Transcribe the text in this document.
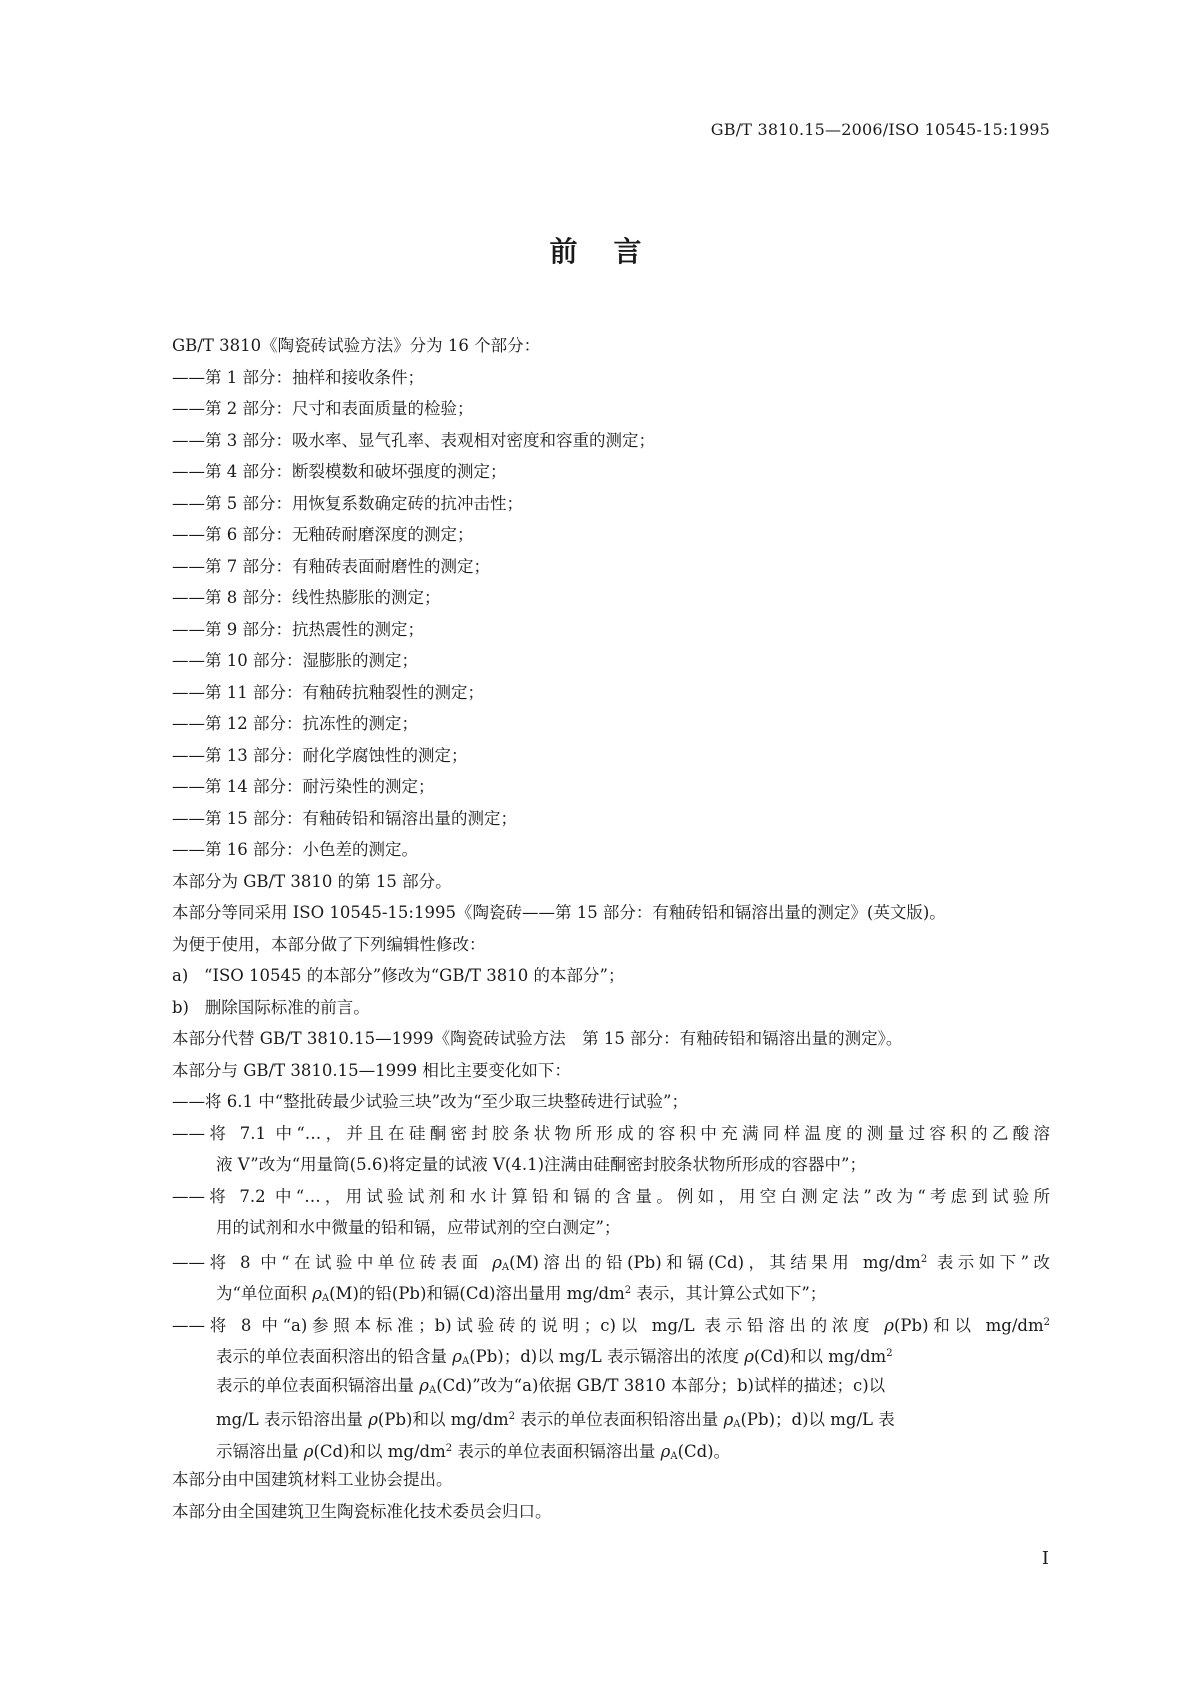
GB/T 3810.15—2006/ISO 10545-15:1995
前言
GB/T 3810《陶瓷砖试验方法》分为 16 个部分：
——第 1 部分：抽样和接收条件；
——第 2 部分：尺寸和表面质量的检验；
——第 3 部分：吸水率、显气孔率、表观相对密度和容重的测定；
——第 4 部分：断裂模数和破坏强度的测定；
——第 5 部分：用恢复系数确定砖的抗冲击性；
——第 6 部分：无釉砖耐磨深度的测定；
——第 7 部分：有釉砖表面耐磨性的测定；
——第 8 部分：线性热膨胀的测定；
——第 9 部分：抗热震性的测定；
——第 10 部分：湿膨胀的测定；
——第 11 部分：有釉砖抗釉裂性的测定；
——第 12 部分：抗冻性的测定；
——第 13 部分：耐化学腐蚀性的测定；
——第 14 部分：耐污染性的测定；
——第 15 部分：有釉砖铅和镉溶出量的测定；
——第 16 部分：小色差的测定。
本部分为 GB/T 3810 的第 15 部分。
本部分等同采用 ISO 10545-15:1995《陶瓷砖——第 15 部分：有釉砖铅和镉溶出量的测定》(英文版)。
为便于使用，本部分做了下列编辑性修改：
a) “ISO 10545 的本部分”修改为“GB/T 3810 的本部分”；
b) 删除国际标准的前言。
本部分代替 GB/T 3810.15—1999《陶瓷砖试验方法　第 15 部分：有釉砖铅和镉溶出量的测定》。
本部分与 GB/T 3810.15—1999 相比主要变化如下：
——将 6.1 中“整批砖最少试验三块”改为“至少取三块整砖进行试验”；
——将 7.1 中“…，并且在硅酮密封胶条状物所形成的容积中充满同样温度的测量过容积的乙酸溶
液 V”改为“用量筒(5.6)将定量的试液 V(4.1)注满由硅酮密封胶条状物所形成的容器中”；
——将 7.2 中“…，用试验试剂和水计算铅和镉的含量。例如，用空白测定法”改为“考虑到试验所
用的试剂和水中微量的铅和镉，应带试剂的空白测定”；
——将 8 中“在试验中单位砖表面 $\rho_A(M)$溶出的铅(Pb)和镉(Cd)，其结果用 $mg/dm^2$ 表示如下”改
为“单位面积 $\rho_A(M)$的铅(Pb)和镉(Cd)溶出量用 $mg/dm^2$ 表示，其计算公式如下”；
——将 8 中“a)参照本标准；b)试验砖的说明；c)以 mg/L 表示铅溶出的浓度 ρ(Pb)和以 $mg/dm^2$
表示的单位表面积溶出的铅含量 $\rho_A(Pb)$；d)以 mg/L 表示镉溶出的浓度 ρ(Cd)和以 $mg/dm^2$
表示的单位表面积镉溶出量 $\rho_A(Cd)$”改为“a)依据 GB/T 3810 本部分；b)试样的描述；c)以
mg/L 表示铅溶出量 ρ(Pb)和以 $mg/dm^2$ 表示的单位表面积铅溶出量 $\rho_A(Pb)$；d)以 mg/L 表
示镉溶出量 ρ(Cd)和以 $mg/dm^2$ 表示的单位表面积镉溶出量 $\rho_A(Cd)$。
本部分由中国建筑材料工业协会提出。
本部分由全国建筑卫生陶瓷标准化技术委员会归口。
I
